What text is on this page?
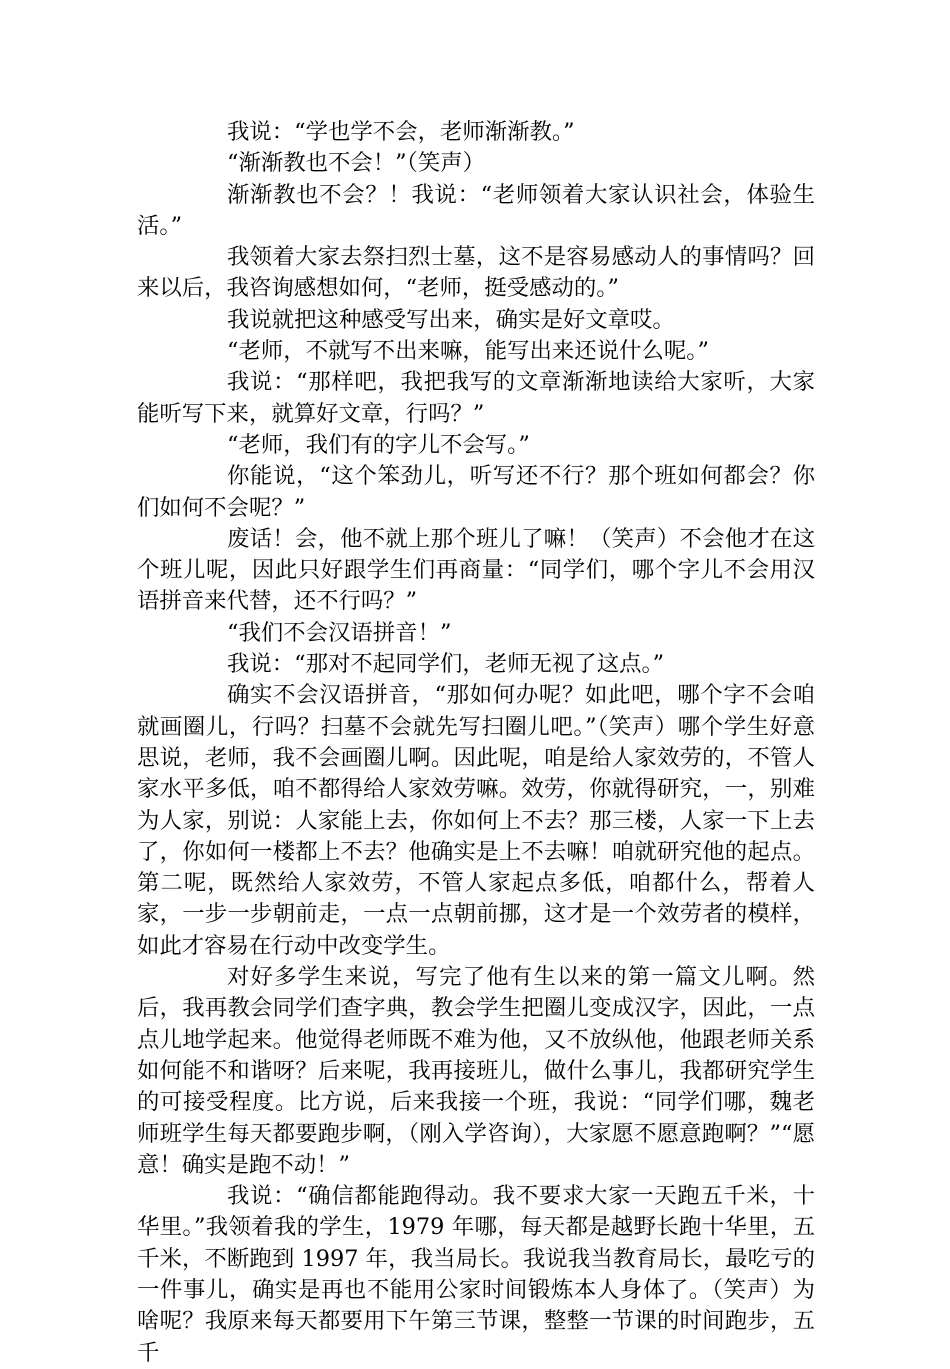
我说：“学也学不会，老师渐渐教。”

“渐渐教也不会！”（笑声）

渐渐教也不会？！我说：“老师领着大家认识社会，体验生活。”

我领着大家去祭扫烈士墓，这不是容易感动人的事情吗？回来以后，我咨询感想如何，“老师，挺受感动的。”

我说就把这种感受写出来，确实是好文章哎。

“老师，不就写不出来嘛，能写出来还说什么呢。”

我说：“那样吧，我把我写的文章渐渐地读给大家听，大家能听写下来，就算好文章，行吗？”

“老师，我们有的字儿不会写。”

你能说，“这个笨劲儿，听写还不行？那个班如何都会？你们如何不会呢？”

废话！会，他不就上那个班儿了嘛！（笑声）不会他才在这个班儿呢，因此只好跟学生们再商量：“同学们，哪个字儿不会用汉语拼音来代替，还不行吗？”

“我们不会汉语拼音！”

我说：“那对不起同学们，老师无视了这点。”

确实不会汉语拼音，“那如何办呢？如此吧，哪个字不会咱就画圈儿，行吗？扫墓不会就先写扫圈儿吧。”（笑声）哪个学生好意思说，老师，我不会画圈儿啊。因此呢，咱是给人家效劳的，不管人家水平多低，咱不都得给人家效劳嘛。效劳，你就得研究，一，别难为人家，别说：人家能上去，你如何上不去？那三楼，人家一下上去了，你如何一楼都上不去？他确实是上不去嘛！咱就研究他的起点。第二呢，既然给人家效劳，不管人家起点多低，咱都什么，帮着人家，一步一步朝前走，一点一点朝前挪，这才是一个效劳者的模样，如此才容易在行动中改变学生。

对好多学生来说，写完了他有生以来的第一篇文儿啊。然后，我再教会同学们查字典，教会学生把圈儿变成汉字，因此，一点点儿地学起来。他觉得老师既不难为他，又不放纵他，他跟老师关系如何能不和谐呀？后来呢，我再接班儿，做什么事儿，我都研究学生的可接受程度。比方说，后来我接一个班，我说：“同学们哪，魏老师班学生每天都要跑步啊，（刚入学咨询），大家愿不愿意跑啊？”“愿意！确实是跑不动！”

我说：“确信都能跑得动。我不要求大家一天跑五千米，十华里。”我领着我的学生，1979 年哪，每天都是越野长跑十华里，五千米，不断跑到 1997 年，我当局长。我说我当教育局长，最吃亏的一件事儿，确实是再也不能用公家时间锻炼本人身体了。（笑声）为啥呢？我原来每天都要用下午第三节课，整整一节课的时间跑步，五千
